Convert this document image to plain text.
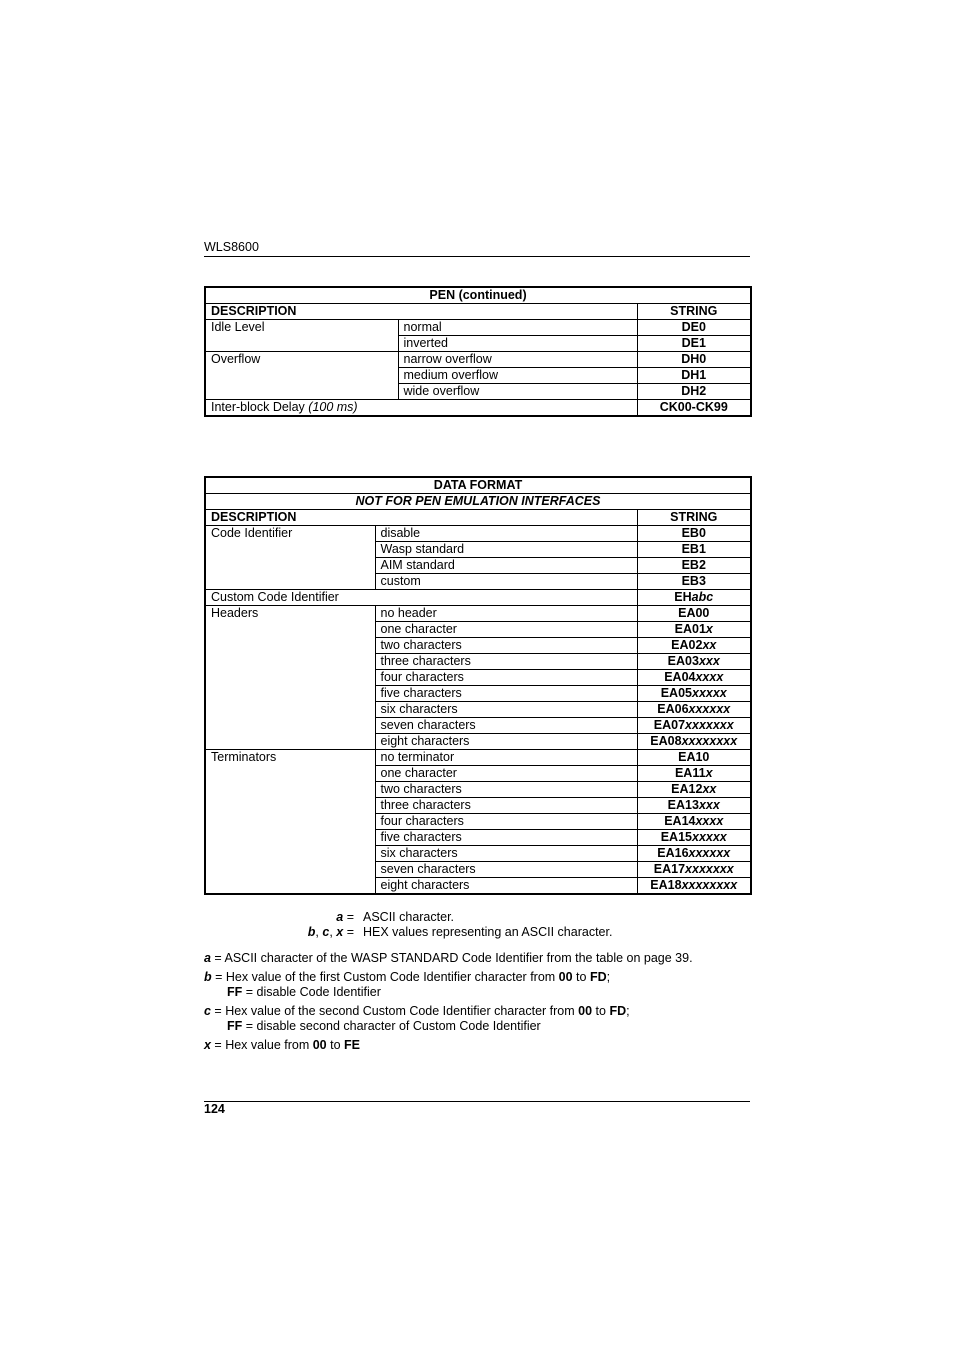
WLS8600
PEN (continued)		
DESCRIPTION		STRING
Idle Level	normal	DE0
	inverted	DE1
Overflow	narrow overflow	DH0
	medium overflow	DH1
	wide overflow	DH2
Inter-block Delay (100 ms)		CK00-CK99
DATA FORMAT		
NOT FOR PEN EMULATION INTERFACES		
DESCRIPTION		STRING
Code Identifier	disable	EB0
	Wasp standard	EB1
	AIM standard	EB2
	custom	EB3
Custom Code Identifier		EHabc
Headers	no header	EA00
	one character	EA01x
	two characters	EA02xx
	three characters	EA03xxx
	four characters	EA04xxxx
	five characters	EA05xxxxx
	six characters	EA06xxxxxx
	seven characters	EA07xxxxxxx
	eight characters	EA08xxxxxxxx
Terminators	no terminator	EA10
	one character	EA11x
	two characters	EA12xx
	three characters	EA13xxx
	four characters	EA14xxxx
	five characters	EA15xxxxx
	six characters	EA16xxxxxx
	seven characters	EA17xxxxxxx
	eight characters	EA18xxxxxxxx
a = ASCII character.
b, c, x = HEX values representing an ASCII character.
a = ASCII character of the WASP STANDARD Code Identifier from the table on page 39.
b = Hex value of the first Custom Code Identifier character from 00 to FD;
FF = disable Code Identifier
c = Hex value of the second Custom Code Identifier character from 00 to FD;
FF = disable second character of Custom Code Identifier
x = Hex value from 00 to FE
124
